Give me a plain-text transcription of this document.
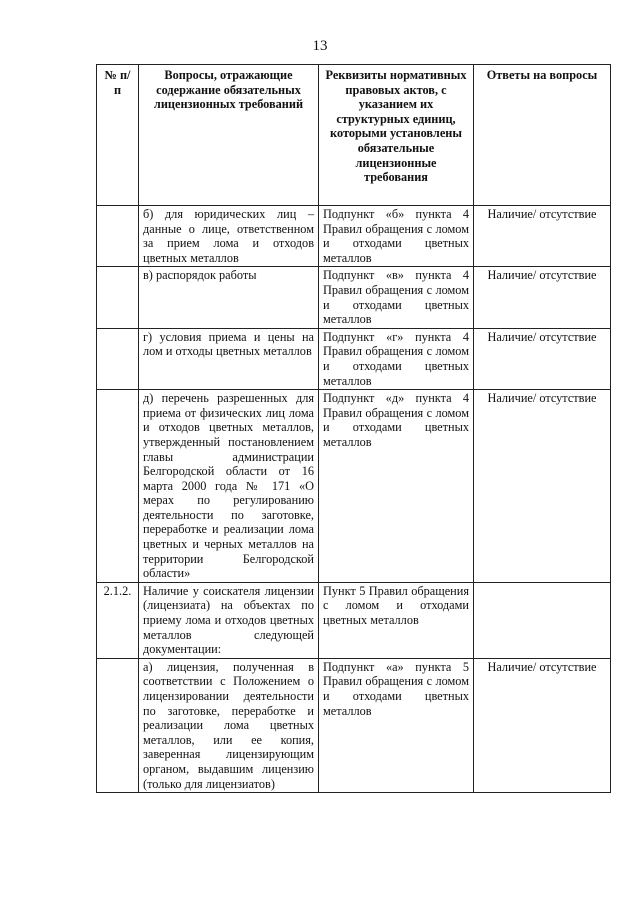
13
№ п/п	Вопросы, отражающие содержание обязательных лицензионных требований	Реквизиты нормативных правовых актов, с указанием их структурных единиц, которыми установлены обязательные лицензионные требования	Ответы на вопросы
	б) для юридических лиц – данные о лице, ответственном за прием лома и отходов цветных металлов	Подпункт «б» пункта 4 Правил обращения с ломом и отходами цветных металлов	Наличие/ отсутствие
	в) распорядок работы	Подпункт «в» пункта 4 Правил обращения с ломом и отходами цветных металлов	Наличие/ отсутствие
	г) условия приема и цены на лом и отходы цветных металлов	Подпункт «г» пункта 4 Правил обращения с ломом и отходами цветных металлов	Наличие/ отсутствие
	д) перечень разрешенных для приема от физических лиц лома и отходов цветных металлов, утвержденный постановлением главы администрации Белгородской области от 16 марта 2000 года № 171 «О мерах по регулированию деятельности по заготовке, переработке и реализации лома цветных и черных металлов на территории Белгородской области»	Подпункт «д» пункта 4 Правил обращения с ломом и отходами цветных металлов	Наличие/ отсутствие
2.1.2.	Наличие у соискателя лицензии (лицензиата) на объектах по приему лома и отходов цветных металлов следующей документации:	Пункт 5 Правил обращения с ломом и отходами цветных металлов	
	а) лицензия, полученная в соответствии с Положением о лицензировании деятельности по заготовке, переработке и реализации лома цветных металлов, или ее копия, заверенная лицензирующим органом, выдавшим лицензию (только для лицензиатов)	Подпункт «а» пункта 5 Правил обращения с ломом и отходами цветных металлов	Наличие/ отсутствие
